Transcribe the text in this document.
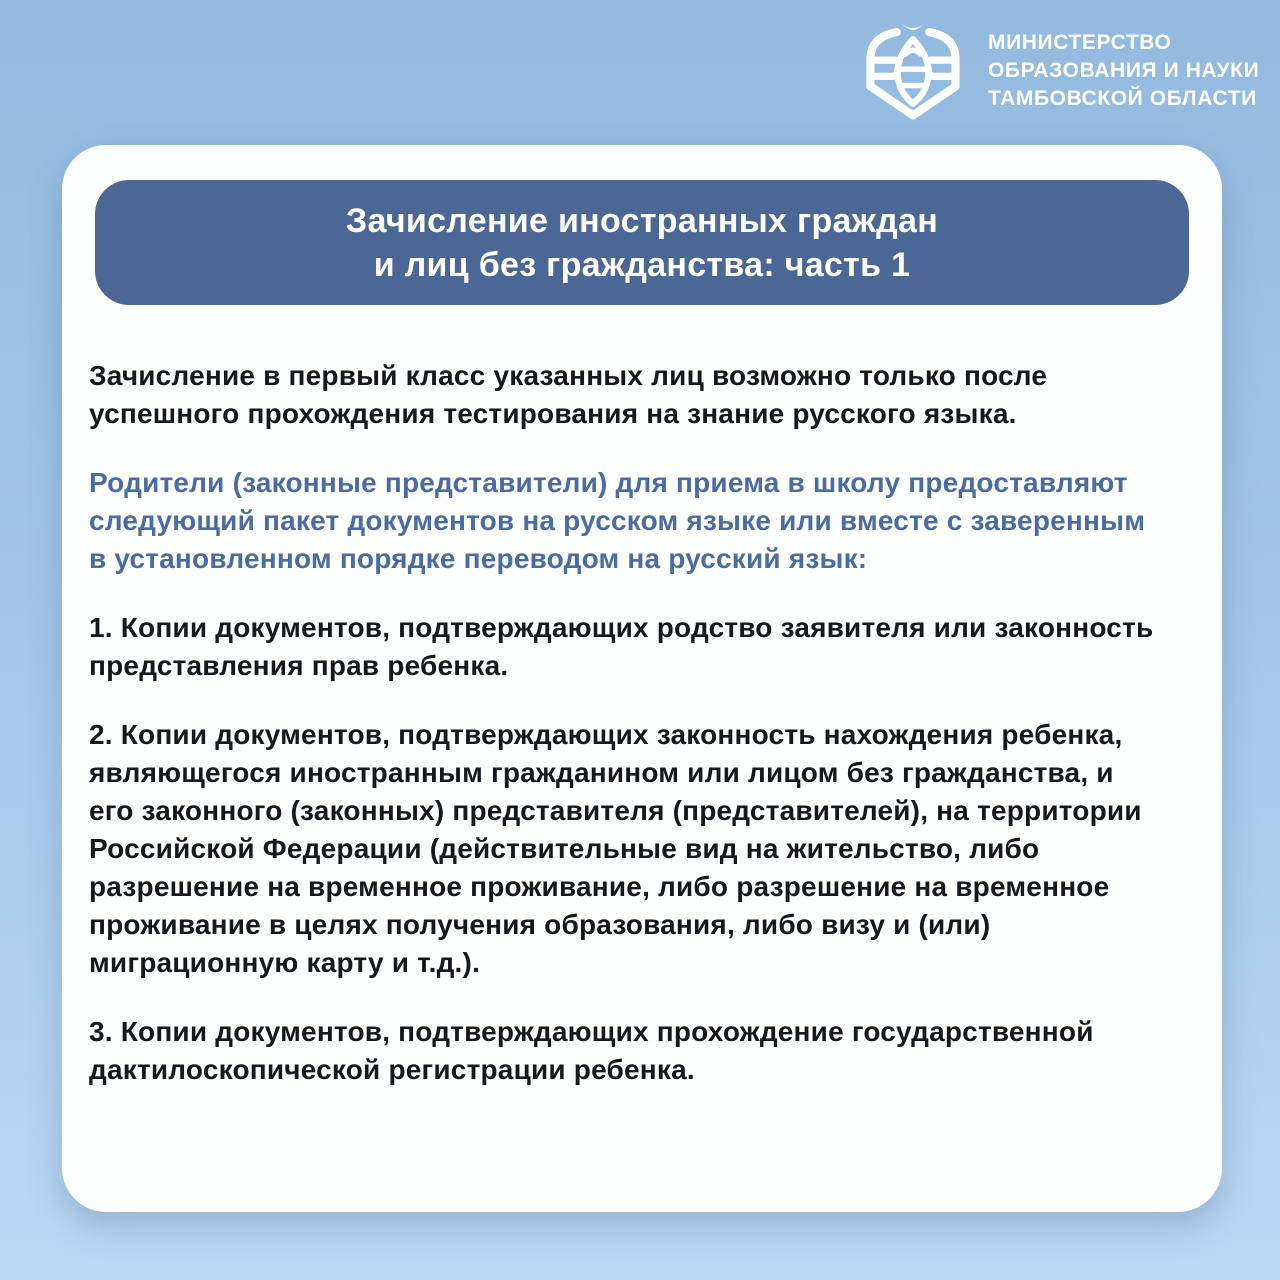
МИНИСТЕРСТВО
ОБРАЗОВАНИЯ И НАУКИ
ТАМБОВСКОЙ ОБЛАСТИ
Зачисление иностранных граждан
и лиц без гражданства: часть 1

Зачисление в первый класс указанных лиц возможно только после успешного прохождения тестирования на знание русского языка.

Родители (законные представители) для приема в школу предоставляют следующий пакет документов на русском языке или вместе с заверенным в установленном порядке переводом на русский язык:

1. Копии документов, подтверждающих родство заявителя или законность представления прав ребенка.

2. Копии документов, подтверждающих законность нахождения ребенка, являющегося иностранным гражданином или лицом без гражданства, и его законного (законных) представителя (представителей), на территории Российской Федерации (действительные вид на жительство, либо разрешение на временное проживание, либо разрешение на временное проживание в целях получения образования, либо визу и (или) миграционную карту и т.д.).

3. Копии документов, подтверждающих прохождение государственной дактилоскопической регистрации ребенка.
